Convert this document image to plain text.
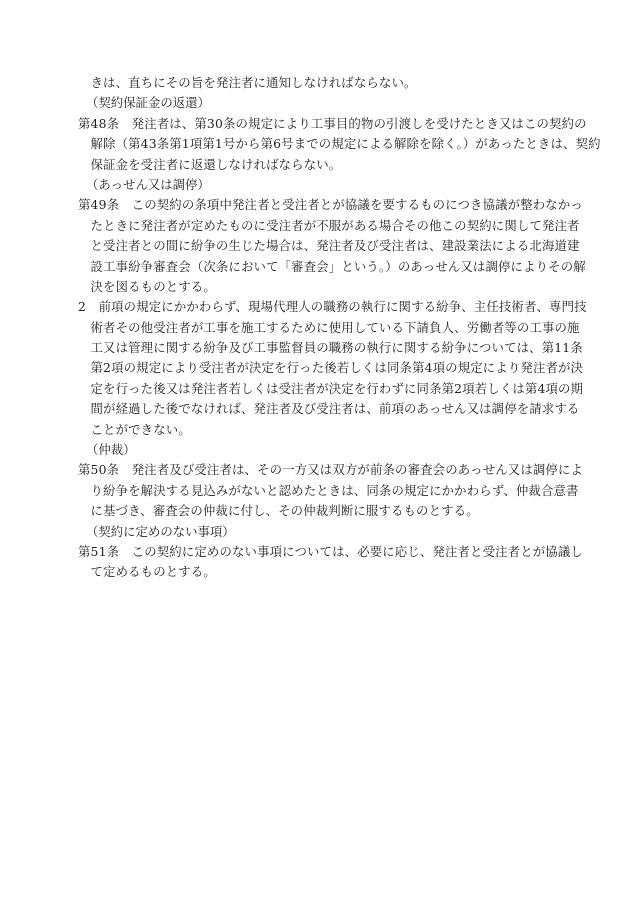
きは、直ちにその旨を発注者に通知しなければならない。
（契約保証金の返還）
第48条　発注者は、第30条の規定により工事目的物の引渡しを受けたとき又はこの契約の
解除（第43条第1項第1号から第6号までの規定による解除を除く。）があったときは、契約
保証金を受注者に返還しなければならない。
（あっせん又は調停）
第49条　この契約の条項中発注者と受注者とが協議を要するものにつき協議が整わなかっ
たときに発注者が定めたものに受注者が不服がある場合その他この契約に関して発注者
と受注者との間に紛争の生じた場合は、発注者及び受注者は、建設業法による北海道建
設工事紛争審査会（次条において「審査会」という。）のあっせん又は調停によりその解
決を図るものとする。
2　前項の規定にかかわらず、現場代理人の職務の執行に関する紛争、主任技術者、専門技
術者その他受注者が工事を施工するために使用している下請負人、労働者等の工事の施
工又は管理に関する紛争及び工事監督員の職務の執行に関する紛争については、第11条
第2項の規定により受注者が決定を行った後若しくは同条第4項の規定により発注者が決
定を行った後又は発注者若しくは受注者が決定を行わずに同条第2項若しくは第4項の期
間が経過した後でなければ、発注者及び受注者は、前項のあっせん又は調停を請求する
ことができない。
（仲裁）
第50条　発注者及び受注者は、その一方又は双方が前条の審査会のあっせん又は調停によ
り紛争を解決する見込みがないと認めたときは、同条の規定にかかわらず、仲裁合意書
に基づき、審査会の仲裁に付し、その仲裁判断に服するものとする。
（契約に定めのない事項）
第51条　この契約に定めのない事項については、必要に応じ、発注者と受注者とが協議し
て定めるものとする。
